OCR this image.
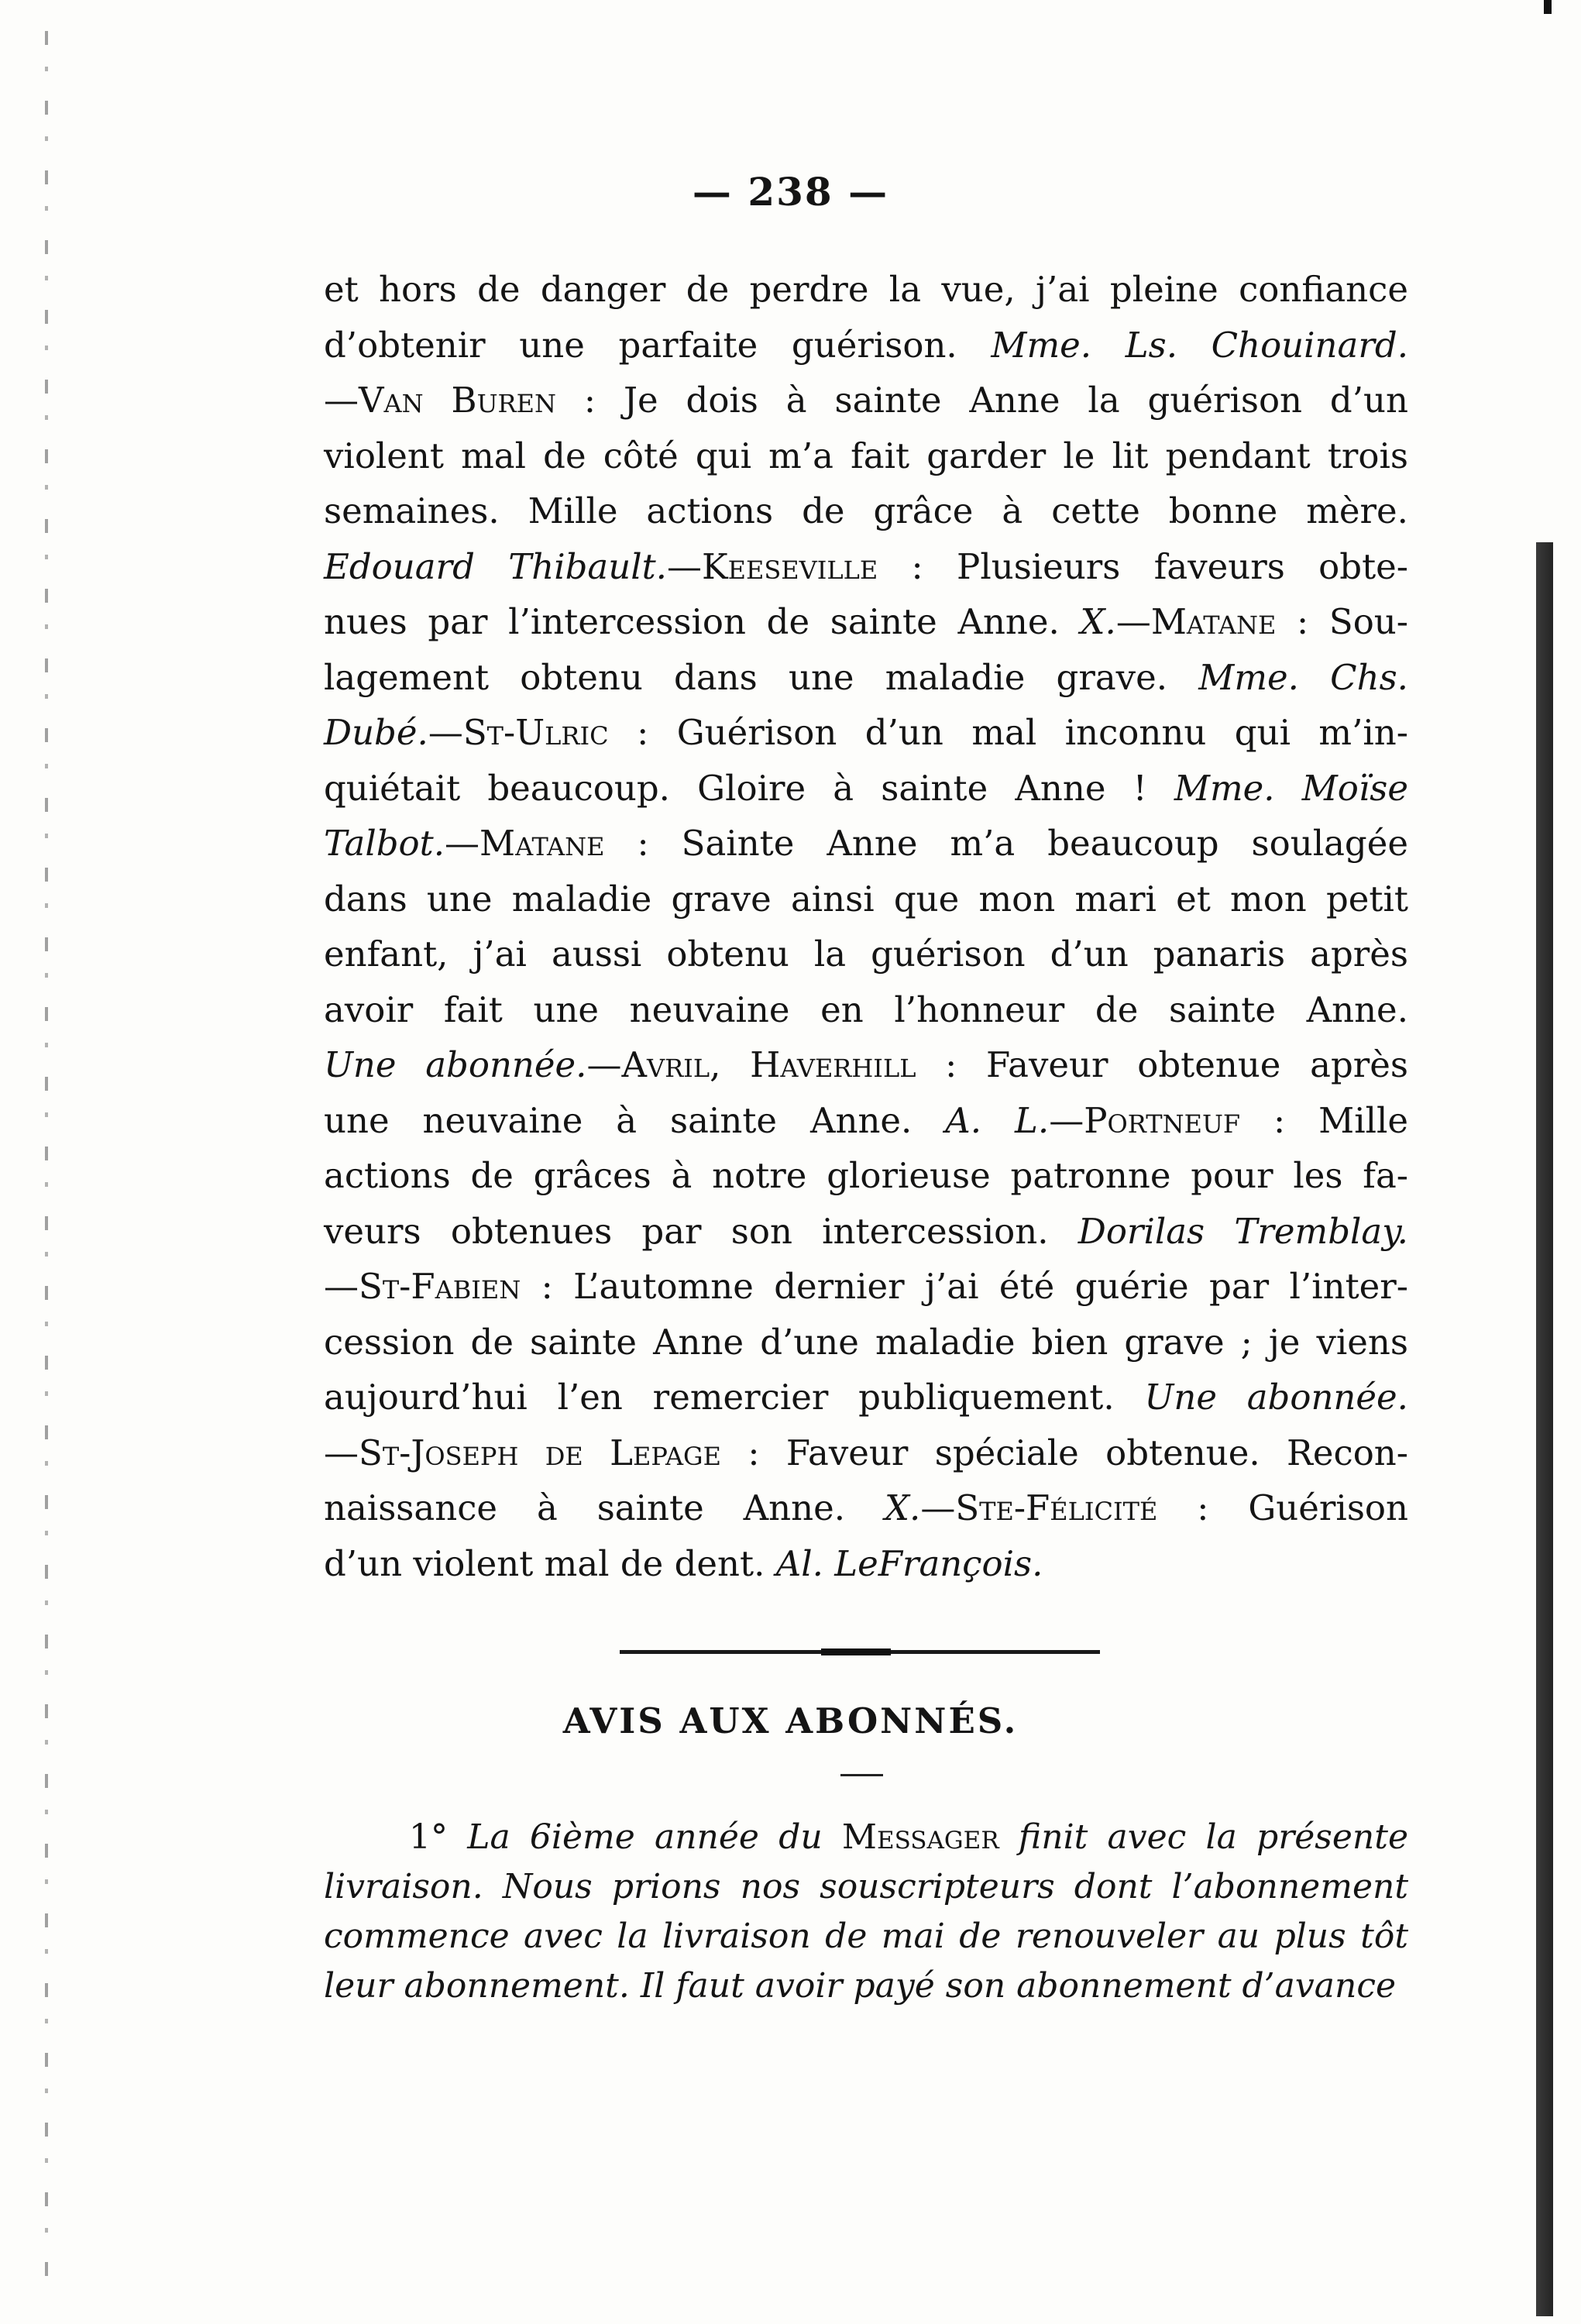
— 238 —
et hors de danger de perdre la vue, j’ai pleine confiance
d’obtenir une parfaite guérison. Mme. Ls. Chouinard.
—Van Buren : Je dois à sainte Anne la guérison d’un
violent mal de côté qui m’a fait garder le lit pendant trois
semaines. Mille actions de grâce à cette bonne mère.
Edouard Thibault.—Keeseville : Plusieurs faveurs obte-
nues par l’intercession de sainte Anne. X.—Matane : Sou-
lagement obtenu dans une maladie grave. Mme. Chs.
Dubé.—St-Ulric : Guérison d’un mal inconnu qui m’in-
quiétait beaucoup. Gloire à sainte Anne ! Mme. Moïse
Talbot.—Matane : Sainte Anne m’a beaucoup soulagée
dans une maladie grave ainsi que mon mari et mon petit
enfant, j’ai aussi obtenu la guérison d’un panaris après
avoir fait une neuvaine en l’honneur de sainte Anne.
Une abonnée.—Avril, Haverhill : Faveur obtenue après
une neuvaine à sainte Anne. A. L.—Portneuf : Mille
actions de grâces à notre glorieuse patronne pour les fa-
veurs obtenues par son intercession. Dorilas Tremblay.
—St-Fabien : L’automne dernier j’ai été guérie par l’inter-
cession de sainte Anne d’une maladie bien grave ; je viens
aujourd’hui l’en remercier publiquement. Une abonnée.
—St-Joseph de Lepage : Faveur spéciale obtenue. Recon-
naissance à sainte Anne. X.—Ste-Félicité : Guérison
d’un violent mal de dent. Al. LeFrançois.
AVIS AUX ABONNÉS.
1° La 6ième année du Messager finit avec la présente
livraison. Nous prions nos souscripteurs dont l’abonnement
commence avec la livraison de mai de renouveler au plus tôt
leur abonnement. Il faut avoir payé son abonnement d’avance
